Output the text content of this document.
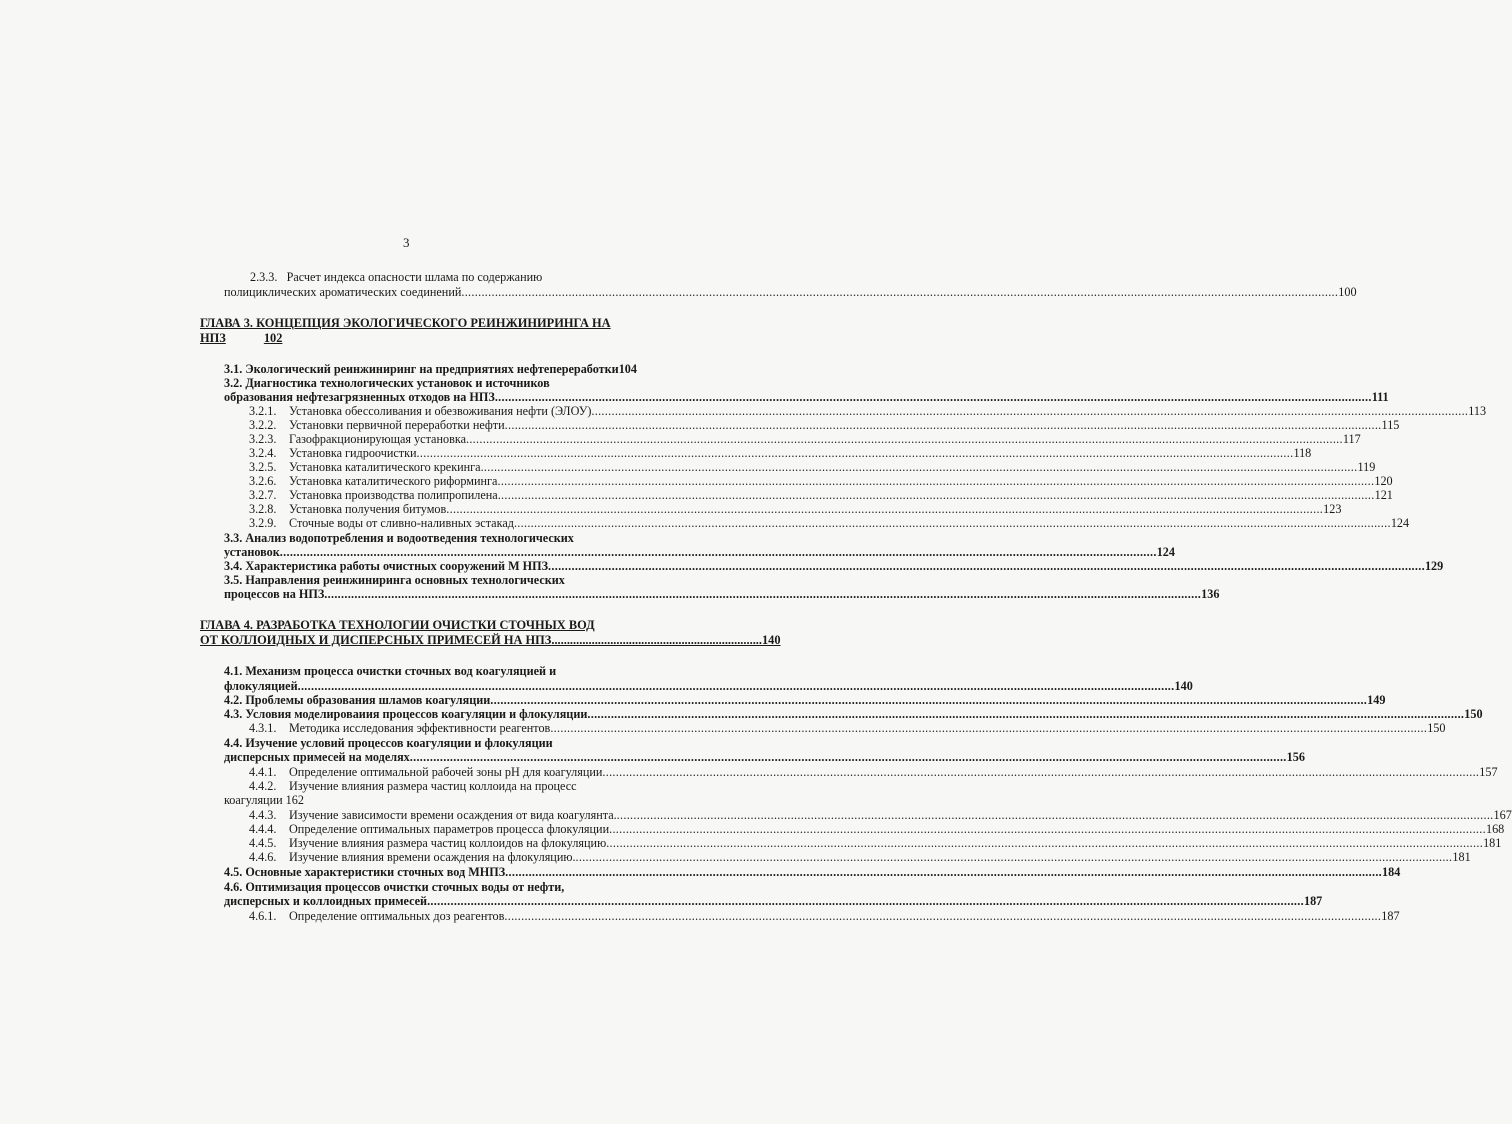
3
2.3.3. Расчет индекса опасности шлама по содержанию
полициклических ароматических соединений .....	100
ГЛАВА 3. КОНЦЕПЦИЯ ЭКОЛОГИЧЕСКОГО РЕИНЖИНИРИНГА НА
НПЗ	102
3.1. Экологический реинжиниринг на предприятиях нефтепереработки104
3.2. Диагностика технологических установок и источников
образования нефтезагрязненных отходов на НПЗ .....	111
3.2.1. Установка обессоливания и обезвоживания нефти (ЭЛОУ) .....	113
3.2.2. Установки первичной переработки нефти .....	115
3.2.3. Газофракционирующая установка .....	117
3.2.4. Установка гидроочистки .....	118
3.2.5. Установка каталитического крекинга .....	119
3.2.6. Установка каталитического риформинга .....	120
3.2.7. Установка производства полипропилена .....	121
3.2.8. Установка получения битумов .....	123
3.2.9. Сточные воды от сливно-наливных эстакад .....	124
3.3. Анализ водопотребления и водоотведения технологических
установок .....	124
3.4. Характеристика работы очистных сооружений М НПЗ .....	129
3.5. Направления реинжиниринга основных технологических
процессов на НПЗ .....	136
ГЛАВА 4. РАЗРАБОТКА ТЕХНОЛОГИИ ОЧИСТКИ СТОЧНЫХ ВОД
ОТ КОЛЛОИДНЫХ И ДИСПЕРСНЫХ ПРИМЕСЕЙ НА НПЗ .................................................................... 140
4.1. Механизм процесса очистки сточных вод коагуляцией и
флокуляцией .....	140
4.2. Проблемы образования шламов коагуляции .....	149
4.3. Условия моделироваиия процессов коагуляции и флокуляции .....	150
4.3.1. Методика исследования эффективности реагентов .....	150
4.4. Изучение условий процессов коагуляции и флокуляции
дисперсных примесей на моделях .....	156
4.4.1. Определение оптимальной рабочей зоны рН для коагуляции .....	157
4.4.2. Изучение влияния размера частиц коллоида на процесс
коагуляции 162
4.4.3. Изучение зависимости времени осаждения от вида коагулянта. .....	167
4.4.4. Определение оптимальных параметров процесса флокуляции .....	168
4.4.5. Изучение влияния размера частиц коллоидов на флокуляцию .....	181
4.4.6. Изучение влияния времени осаждения на флокуляцию. .....	181
4.5. Основные характеристики сточных вод МНПЗ .....	184
4.6. Оптимизация процессов очистки сточных воды от нефти,
дисперсных и коллоидных примесей .....	187
4.6.1. Определение оптимальных доз реагентов .....	187
